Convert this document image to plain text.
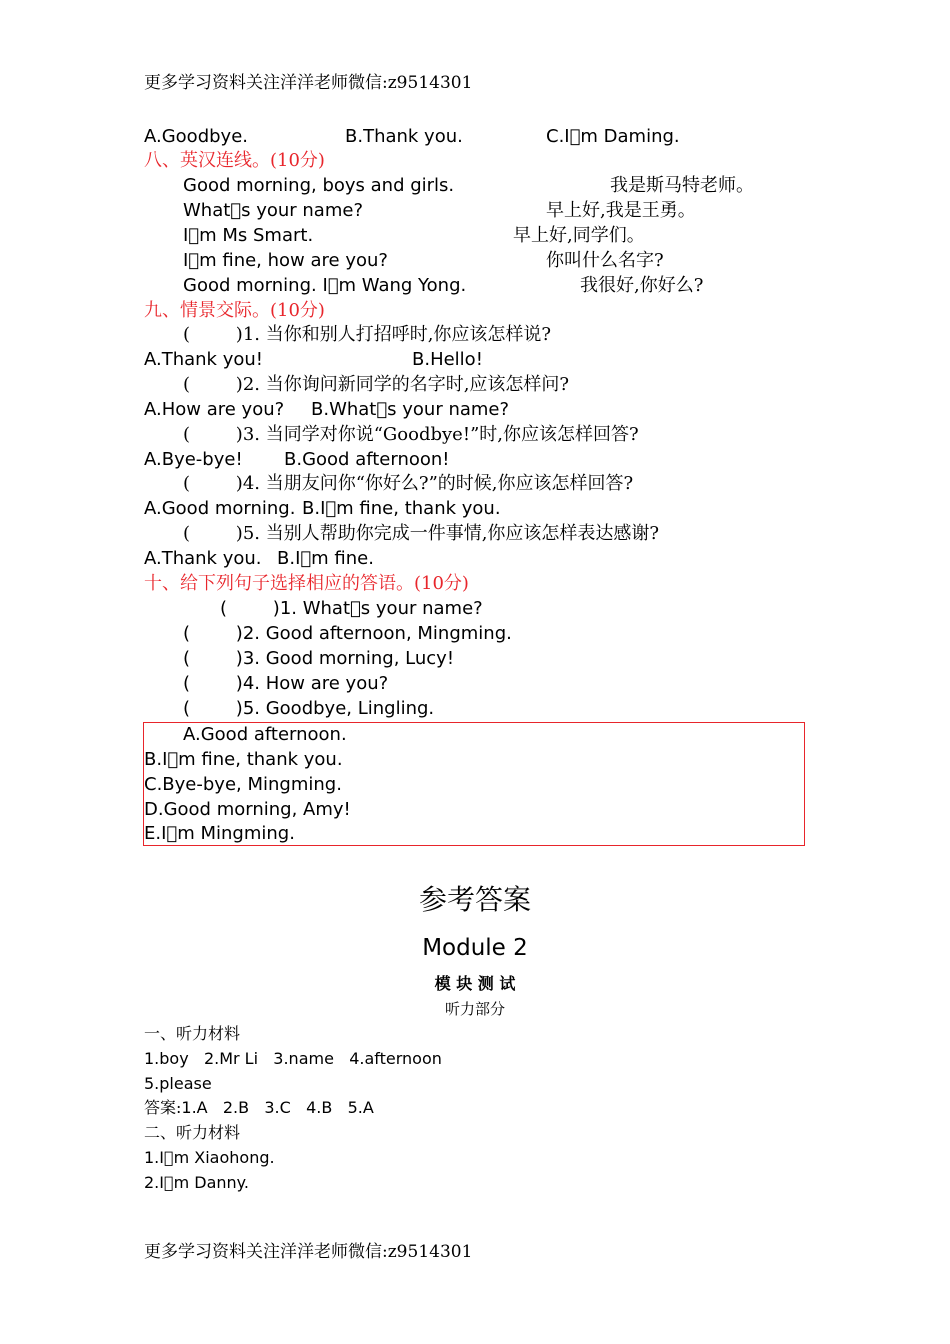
更多学习资料关注洋洋老师微信:z9514301
A.Goodbye.	B.Thank you.	C.I m Daming.
八、英汉连线。(10分)
Good morning, boys and girls.	我是斯马特老师。
What s your name?	早上好,我是王勇。
I m Ms Smart.	早上好,同学们。
I m fine, how are you?	你叫什么名字?
Good morning. I m Wang Yong.	我很好,你好么?
九、情景交际。(10分)
(        )1. 当你和别人打招呼时,你应该怎样说?
A.Thank you!	B.Hello!
(        )2. 当你询问新同学的名字时,应该怎样问?
A.How are you? B.What s your name?
(        )3. 当同学对你说“Goodbye!”时,你应该怎样回答?
A.Bye-bye! B.Good afternoon!
(        )4. 当朋友问你“你好么?”的时候,你应该怎样回答?
A.Good morning. B.I m fine, thank you.
(        )5. 当别人帮助你完成一件事情,你应该怎样表达感谢?
A.Thank you. B.I m fine.
十、给下列句子选择相应的答语。(10分)
(        )1. What s your name?
(        )2. Good afternoon, Mingming.
(        )3. Good morning, Lucy!
(        )4. How are you?
(        )5. Goodbye, Lingling.
A.Good afternoon.
B.I m fine, thank you.
C.Bye-bye, Mingming.
D.Good morning, Amy!
E.I m Mingming.
参考答案
Module 2
模 块 测 试
听力部分
一、听力材料
1.boy   2.Mr Li   3.name   4.afternoon
5.please
答案:1.A   2.B   3.C   4.B   5.A
二、听力材料
1.I m Xiaohong.
2.I m Danny.
更多学习资料关注洋洋老师微信:z9514301
